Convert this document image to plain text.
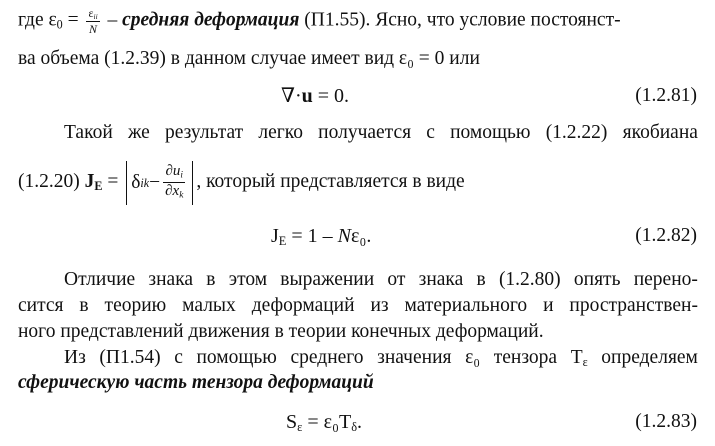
где $\varepsilon_0 = \frac{\varepsilon_{ii}}{N}$ – средняя деформация (П1.55). Ясно, что условие постоянст-
ва объема (1.2.39) в данном случае имеет вид ε₀ = 0 или
∇·u = 0.	(1.2.81)
Такой же результат легко получается с помощью (1.2.22) якобиана
(1.2.20) $J_E = \delta$ ik − $\frac{\partial u_i}{\partial x_k}$ , который представляется в виде
$J_E = 1 - N\varepsilon_0$.	(1.2.82)
Отличие знака в этом выражении от знака в (1.2.80) опять перено-
сится в теорию малых деформаций из материального и пространствен-
ного представлений движения в теории конечных деформаций.
Из (П1.54) с помощью среднего значения ε₀ тензора $T_\varepsilon$ определяем
сферическую часть тензора деформаций
$S_\varepsilon = \varepsilon_0T_\delta$.	(1.2.83)
